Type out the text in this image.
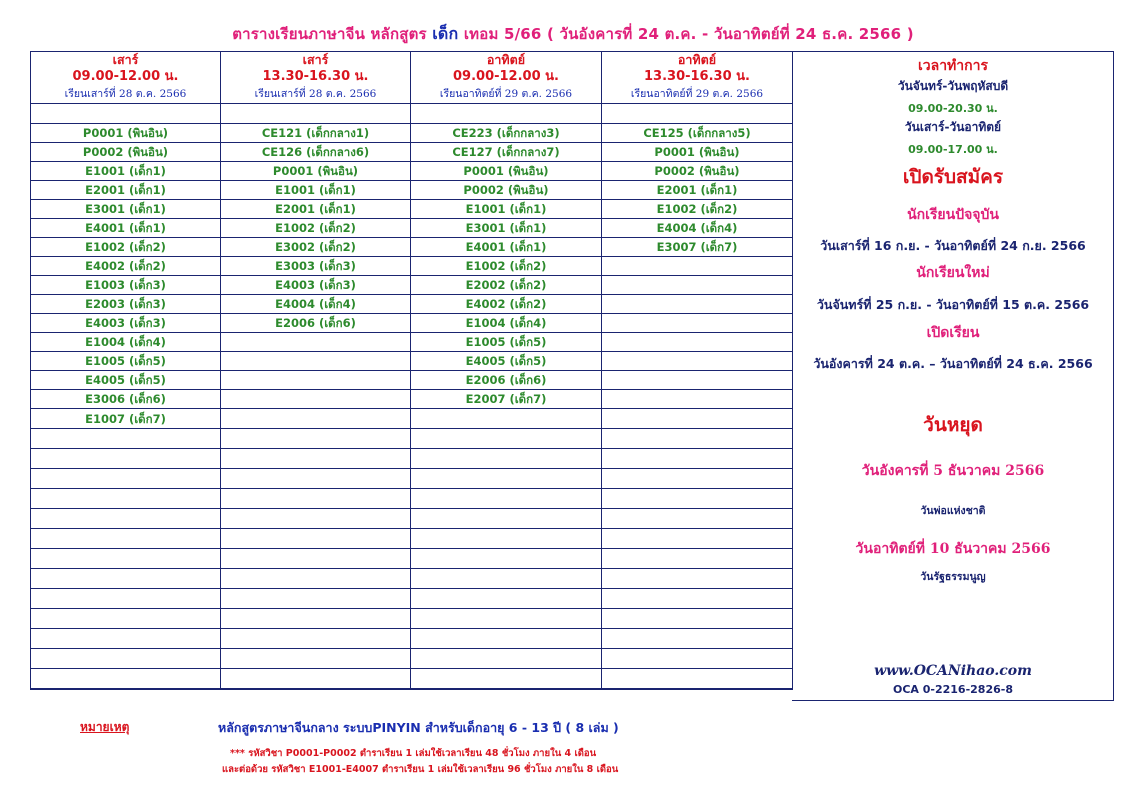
ตารางเรียนภาษาจีน หลักสูตร เด็ก เทอม 5/66 ( วันอังคารที่ 24 ต.ค. - วันอาทิตย์ที่ 24 ธ.ค. 2566 )
เสาร์	เสาร์	อาทิตย์	อาทิตย์
09.00-12.00 น.	13.30-16.30 น.	09.00-12.00 น.	13.30-16.30 น.
เรียนเสาร์ที่ 28 ต.ค. 2566	เรียนเสาร์ที่ 28 ต.ค. 2566	เรียนอาทิตย์ที่ 29 ต.ค. 2566	เรียนอาทิตย์ที่ 29 ต.ค. 2566

P0001 (พินอิน)	CE121 (เด็กกลาง1)	CE223 (เด็กกลาง3)	CE125 (เด็กกลาง5)
P0002 (พินอิน)	CE126 (เด็กกลาง6)	CE127 (เด็กกลาง7)	P0001 (พินอิน)
E1001 (เด็ก1)	P0001 (พินอิน)	P0001 (พินอิน)	P0002 (พินอิน)
E2001 (เด็ก1)	E1001 (เด็ก1)	P0002 (พินอิน)	E2001 (เด็ก1)
E3001 (เด็ก1)	E2001 (เด็ก1)	E1001 (เด็ก1)	E1002 (เด็ก2)
E4001 (เด็ก1)	E1002 (เด็ก2)	E3001 (เด็ก1)	E4004 (เด็ก4)
E1002 (เด็ก2)	E3002 (เด็ก2)	E4001 (เด็ก1)	E3007 (เด็ก7)
E4002 (เด็ก2)	E3003 (เด็ก3)	E1002 (เด็ก2)	
E1003 (เด็ก3)	E4003 (เด็ก3)	E2002 (เด็ก2)	
E2003 (เด็ก3)	E4004 (เด็ก4)	E4002 (เด็ก2)	
E4003 (เด็ก3)	E2006 (เด็ก6)	E1004 (เด็ก4)	
E1004 (เด็ก4)		E1005 (เด็ก5)	
E1005 (เด็ก5)		E4005 (เด็ก5)	
E4005 (เด็ก5)		E2006 (เด็ก6)	
E3006 (เด็ก6)		E2007 (เด็ก7)	
E1007 (เด็ก7)			

เวลาทำการ
วันจันทร์-วันพฤหัสบดี
09.00-20.30 น.
วันเสาร์-วันอาทิตย์
09.00-17.00 น.
เปิดรับสมัคร
นักเรียนปัจจุบัน
วันเสาร์ที่ 16 ก.ย. - วันอาทิตย์ที่ 24 ก.ย. 2566
นักเรียนใหม่
วันจันทร์ที่ 25 ก.ย. - วันอาทิตย์ที่ 15 ต.ค. 2566
เปิดเรียน
วันอังคารที่ 24 ต.ค. – วันอาทิตย์ที่ 24 ธ.ค. 2566
วันหยุด
วันอังคารที่ 5 ธันวาคม 2566
วันพ่อแห่งชาติ
วันอาทิตย์ที่ 10 ธันวาคม 2566
วันรัฐธรรมนูญ
www.OCANihao.com
OCA 0-2216-2826-8
หมายเหตุ	หลักสูตรภาษาจีนกลาง ระบบPINYIN สำหรับเด็กอายุ 6 - 13 ปี ( 8 เล่ม )
*** รหัสวิชา P0001-P0002 ตำราเรียน 1 เล่มใช้เวลาเรียน 48 ชั่วโมง ภายใน 4 เดือน
และต่อด้วย รหัสวิชา E1001-E4007 ตำราเรียน 1 เล่มใช้เวลาเรียน 96 ชั่วโมง ภายใน 8 เดือน
